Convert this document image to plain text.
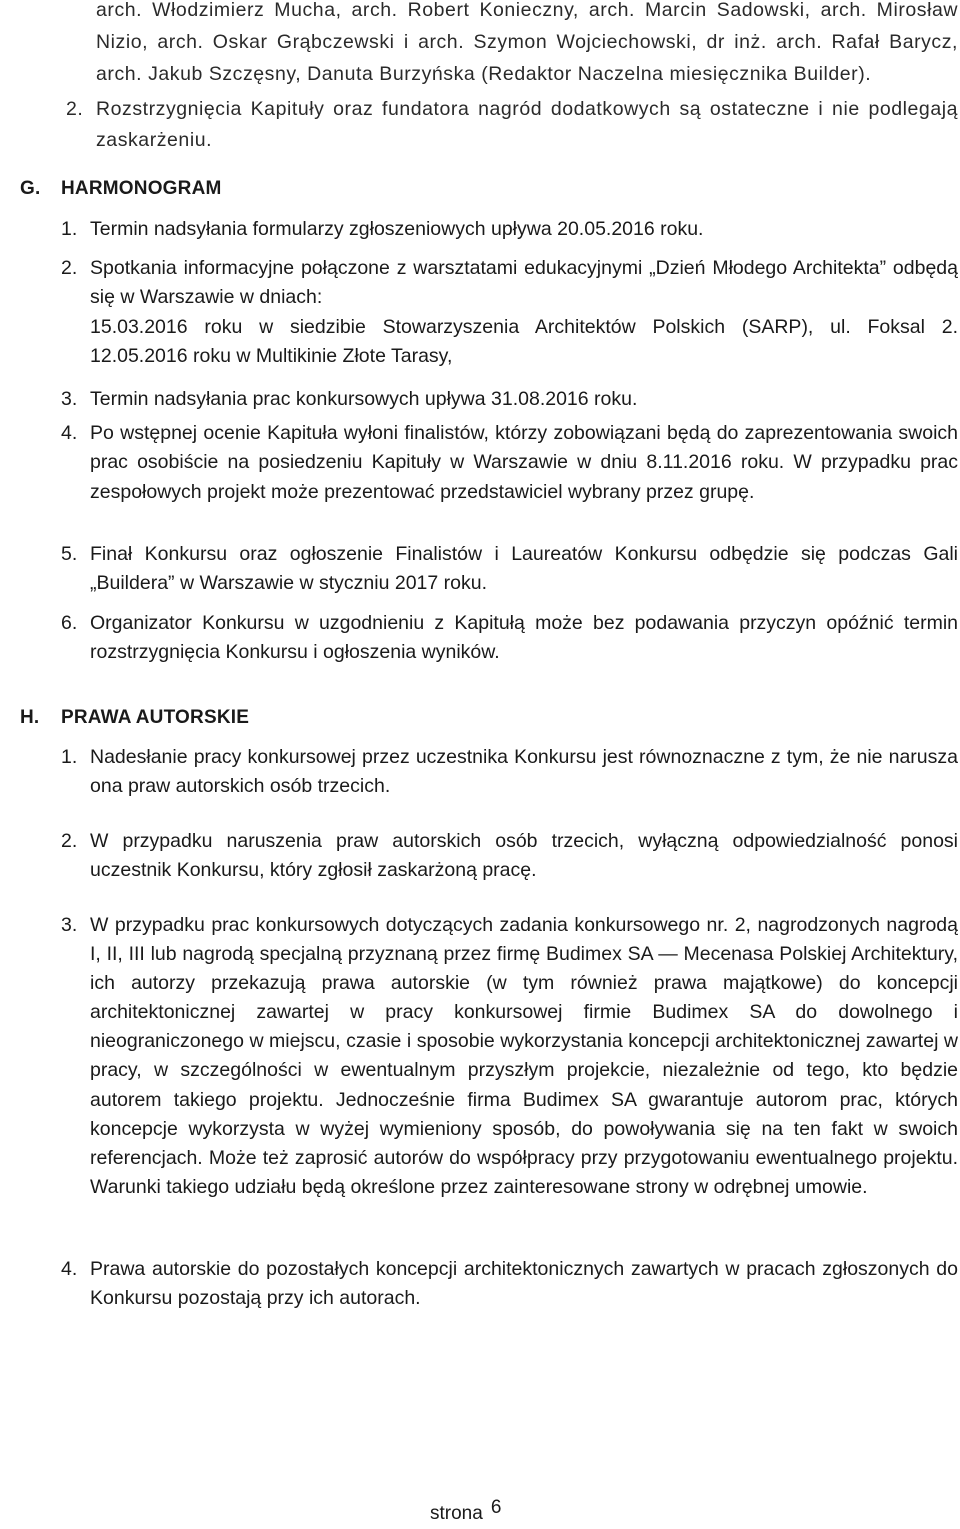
arch. Włodzimierz Mucha, arch. Robert Konieczny, arch. Marcin Sadowski, arch. Mirosław Nizio, arch. Oskar Grąbczewski i arch. Szymon Wojciechowski, dr inż. arch. Rafał Barycz, arch. Jakub Szczęsny, Danuta Burzyńska (Redaktor Naczelna miesięcznika Builder).

2. Rozstrzygnięcia Kapituły oraz fundatora nagród dodatkowych są ostateczne i nie podlegają zaskarżeniu.
G. HARMONOGRAM
1. Termin nadsyłania formularzy zgłoszeniowych upływa 20.05.2016 roku.
2. Spotkania informacyjne połączone z warsztatami edukacyjnymi „Dzień Młodego Architekta” odbędą się w Warszawie w dniach:
15.03.2016 roku w siedzibie Stowarzyszenia Architektów Polskich (SARP), ul. Foksal 2.
12.05.2016 roku w Multikinie Złote Tarasy,
3. Termin nadsyłania prac konkursowych upływa 31.08.2016 roku.
4. Po wstępnej ocenie Kapituła wyłoni finalistów, którzy zobowiązani będą do zaprezentowania swoich prac osobiście na posiedzeniu Kapituły w Warszawie w dniu 8.11.2016 roku. W przypadku prac zespołowych projekt może prezentować przedstawiciel wybrany przez grupę.
5. Finał Konkursu oraz ogłoszenie Finalistów i Laureatów Konkursu odbędzie się podczas Gali „Buildera” w Warszawie w styczniu 2017 roku.
6. Organizator Konkursu w uzgodnieniu z Kapitułą może bez podawania przyczyn opóźnić termin rozstrzygnięcia Konkursu i ogłoszenia wyników.
H. PRAWA AUTORSKIE
1. Nadesłanie pracy konkursowej przez uczestnika Konkursu jest równoznaczne z tym, że nie narusza ona praw autorskich osób trzecich.
2. W przypadku naruszenia praw autorskich osób trzecich, wyłączną odpowiedzialność ponosi uczestnik Konkursu, który zgłosił zaskarżoną pracę.
3. W przypadku prac konkursowych dotyczących zadania konkursowego nr. 2, nagrodzonych nagrodą I, II, III lub nagrodą specjalną przyznaną przez firmę Budimex SA — Mecenasa Polskiej Architektury, ich autorzy przekazują prawa autorskie (w tym również prawa majątkowe) do koncepcji architektonicznej zawartej w pracy konkursowej firmie Budimex SA do dowolnego i nieograniczonego w miejscu, czasie i sposobie wykorzystania koncepcji architektonicznej zawartej w pracy, w szczególności w ewentualnym przyszłym projekcie, niezależnie od tego, kto będzie autorem takiego projektu. Jednocześnie firma Budimex SA gwarantuje autorom prac, których koncepcje wykorzysta w wyżej wymieniony sposób, do powoływania się na ten fakt w swoich referencjach. Może też zaprosić autorów do współpracy przy przygotowaniu ewentualnego projektu. Warunki takiego udziału będą określone przez zainteresowane strony w odrębnej umowie.
4. Prawa autorskie do pozostałych koncepcji architektonicznych zawartych w pracach zgłoszonych do Konkursu pozostają przy ich autorach.
strona 6
